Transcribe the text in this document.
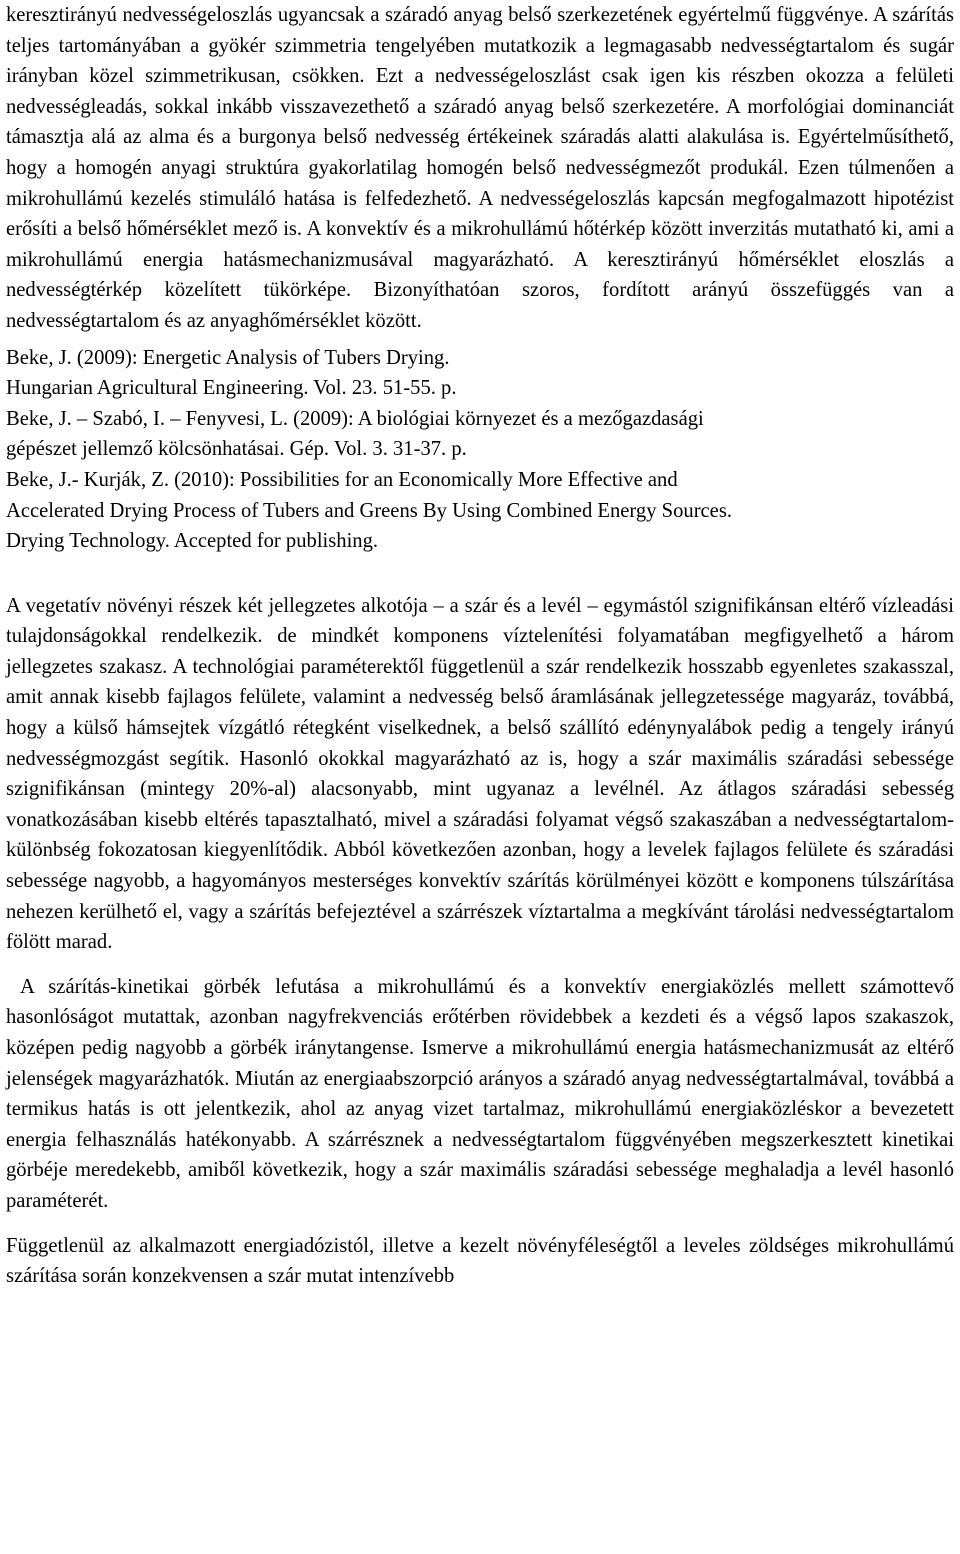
keresztirányú nedvességeloszlás ugyancsak a száradó anyag belső szerkezetének egyértelmű függvénye. A szárítás teljes tartományában a gyökér szimmetria tengelyében mutatkozik a legmagasabb nedvességtartalom és sugár irányban közel szimmetrikusan, csökken. Ezt a nedvességeloszlást csak igen kis részben okozza a felületi nedvességleadás, sokkal inkább visszavezethető a száradó anyag belső szerkezetére. A morfológiai dominanciát támasztja alá az alma és a burgonya belső nedvesség értékeinek száradás alatti alakulása is. Egyértelműsíthető, hogy a homogén anyagi struktúra gyakorlatilag homogén belső nedvességmezőt produkál. Ezen túlmenően a mikrohullámú kezelés stimuláló hatása is felfedezhető. A nedvességeloszlás kapcsán megfogalmazott hipotézist erősíti a belső hőmérséklet mező is. A konvektív és a mikrohullámú hőtérkép között inverzitás mutatható ki, ami a mikrohullámú energia hatásmechanizmusával magyarázható. A keresztirányú hőmérséklet eloszlás a nedvességtérkép közelített tükörképe. Bizonyíthatóan szoros, fordított arányú összefüggés van a nedvességtartalom és az anyaghőmérséklet között.

Beke, J. (2009): Energetic Analysis of Tubers Drying.
Hungarian Agricultural Engineering. Vol. 23. 51-55. p.
Beke, J. – Szabó, I. – Fenyvesi, L. (2009): A biológiai környezet és a mezőgazdasági
gépészet jellemző kölcsönhatásai. Gép. Vol. 3. 31-37. p.
Beke, J.- Kurják, Z. (2010): Possibilities for an Economically More Effective and
Accelerated Drying Process of Tubers and Greens By Using Combined Energy Sources.
Drying Technology. Accepted for publishing.

A vegetatív növényi részek két jellegzetes alkotója – a szár és a levél – egymástól szignifikánsan eltérő vízleadási tulajdonságokkal rendelkezik. de mindkét komponens víztelenítési folyamatában megfigyelhető a három jellegzetes szakasz. A technológiai paraméterektől függetlenül a szár rendelkezik hosszabb egyenletes szakasszal, amit annak kisebb fajlagos felülete, valamint a nedvesség belső áramlásának jellegzetessége magyaráz, továbbá, hogy a külső hámsejtek vízgátló rétegként viselkednek, a belső szállító edénynyalábok pedig a tengely irányú nedvességmozgást segítik. Hasonló okokkal magyarázható az is, hogy a szár maximális száradási sebessége szignifikánsan (mintegy 20%-al) alacsonyabb, mint ugyanaz a levélnél. Az átlagos száradási sebesség vonatkozásában kisebb eltérés tapasztalható, mivel a száradási folyamat végső szakaszában a nedvességtartalom-különbség fokozatosan kiegyenlítődik. Abból következően azonban, hogy a levelek fajlagos felülete és száradási sebessége nagyobb, a hagyományos mesterséges konvektív szárítás körülményei között e komponens túlszárítása nehezen kerülhető el, vagy a szárítás befejeztével a szárrészek víztartalma a megkívánt tárolási nedvességtartalom fölött marad.

A szárítás-kinetikai görbék lefutása a mikrohullámú és a konvektív energiaközlés mellett számottevő hasonlóságot mutattak, azonban nagyfrekvenciás erőtérben rövidebbek a kezdeti és a végső lapos szakaszok, középen pedig nagyobb a görbék iránytangense. Ismerve a mikrohullámú energia hatásmechanizmusát az eltérő jelenségek magyarázhatók. Miután az energiaabszorpció arányos a száradó anyag nedvességtartalmával, továbbá a termikus hatás is ott jelentkezik, ahol az anyag vizet tartalmaz, mikrohullámú energiaközléskor a bevezetett energia felhasználás hatékonyabb. A szárrésznek a nedvességtartalom függvényében megszerkesztett kinetikai görbéje meredekebb, amiből következik, hogy a szár maximális száradási sebessége meghaladja a levél hasonló paraméterét.

Függetlenül az alkalmazott energiadózistól, illetve a kezelt növényféleségtől a leveles zöldséges mikrohullámú szárítása során konzekvensen a szár mutat intenzívebb
